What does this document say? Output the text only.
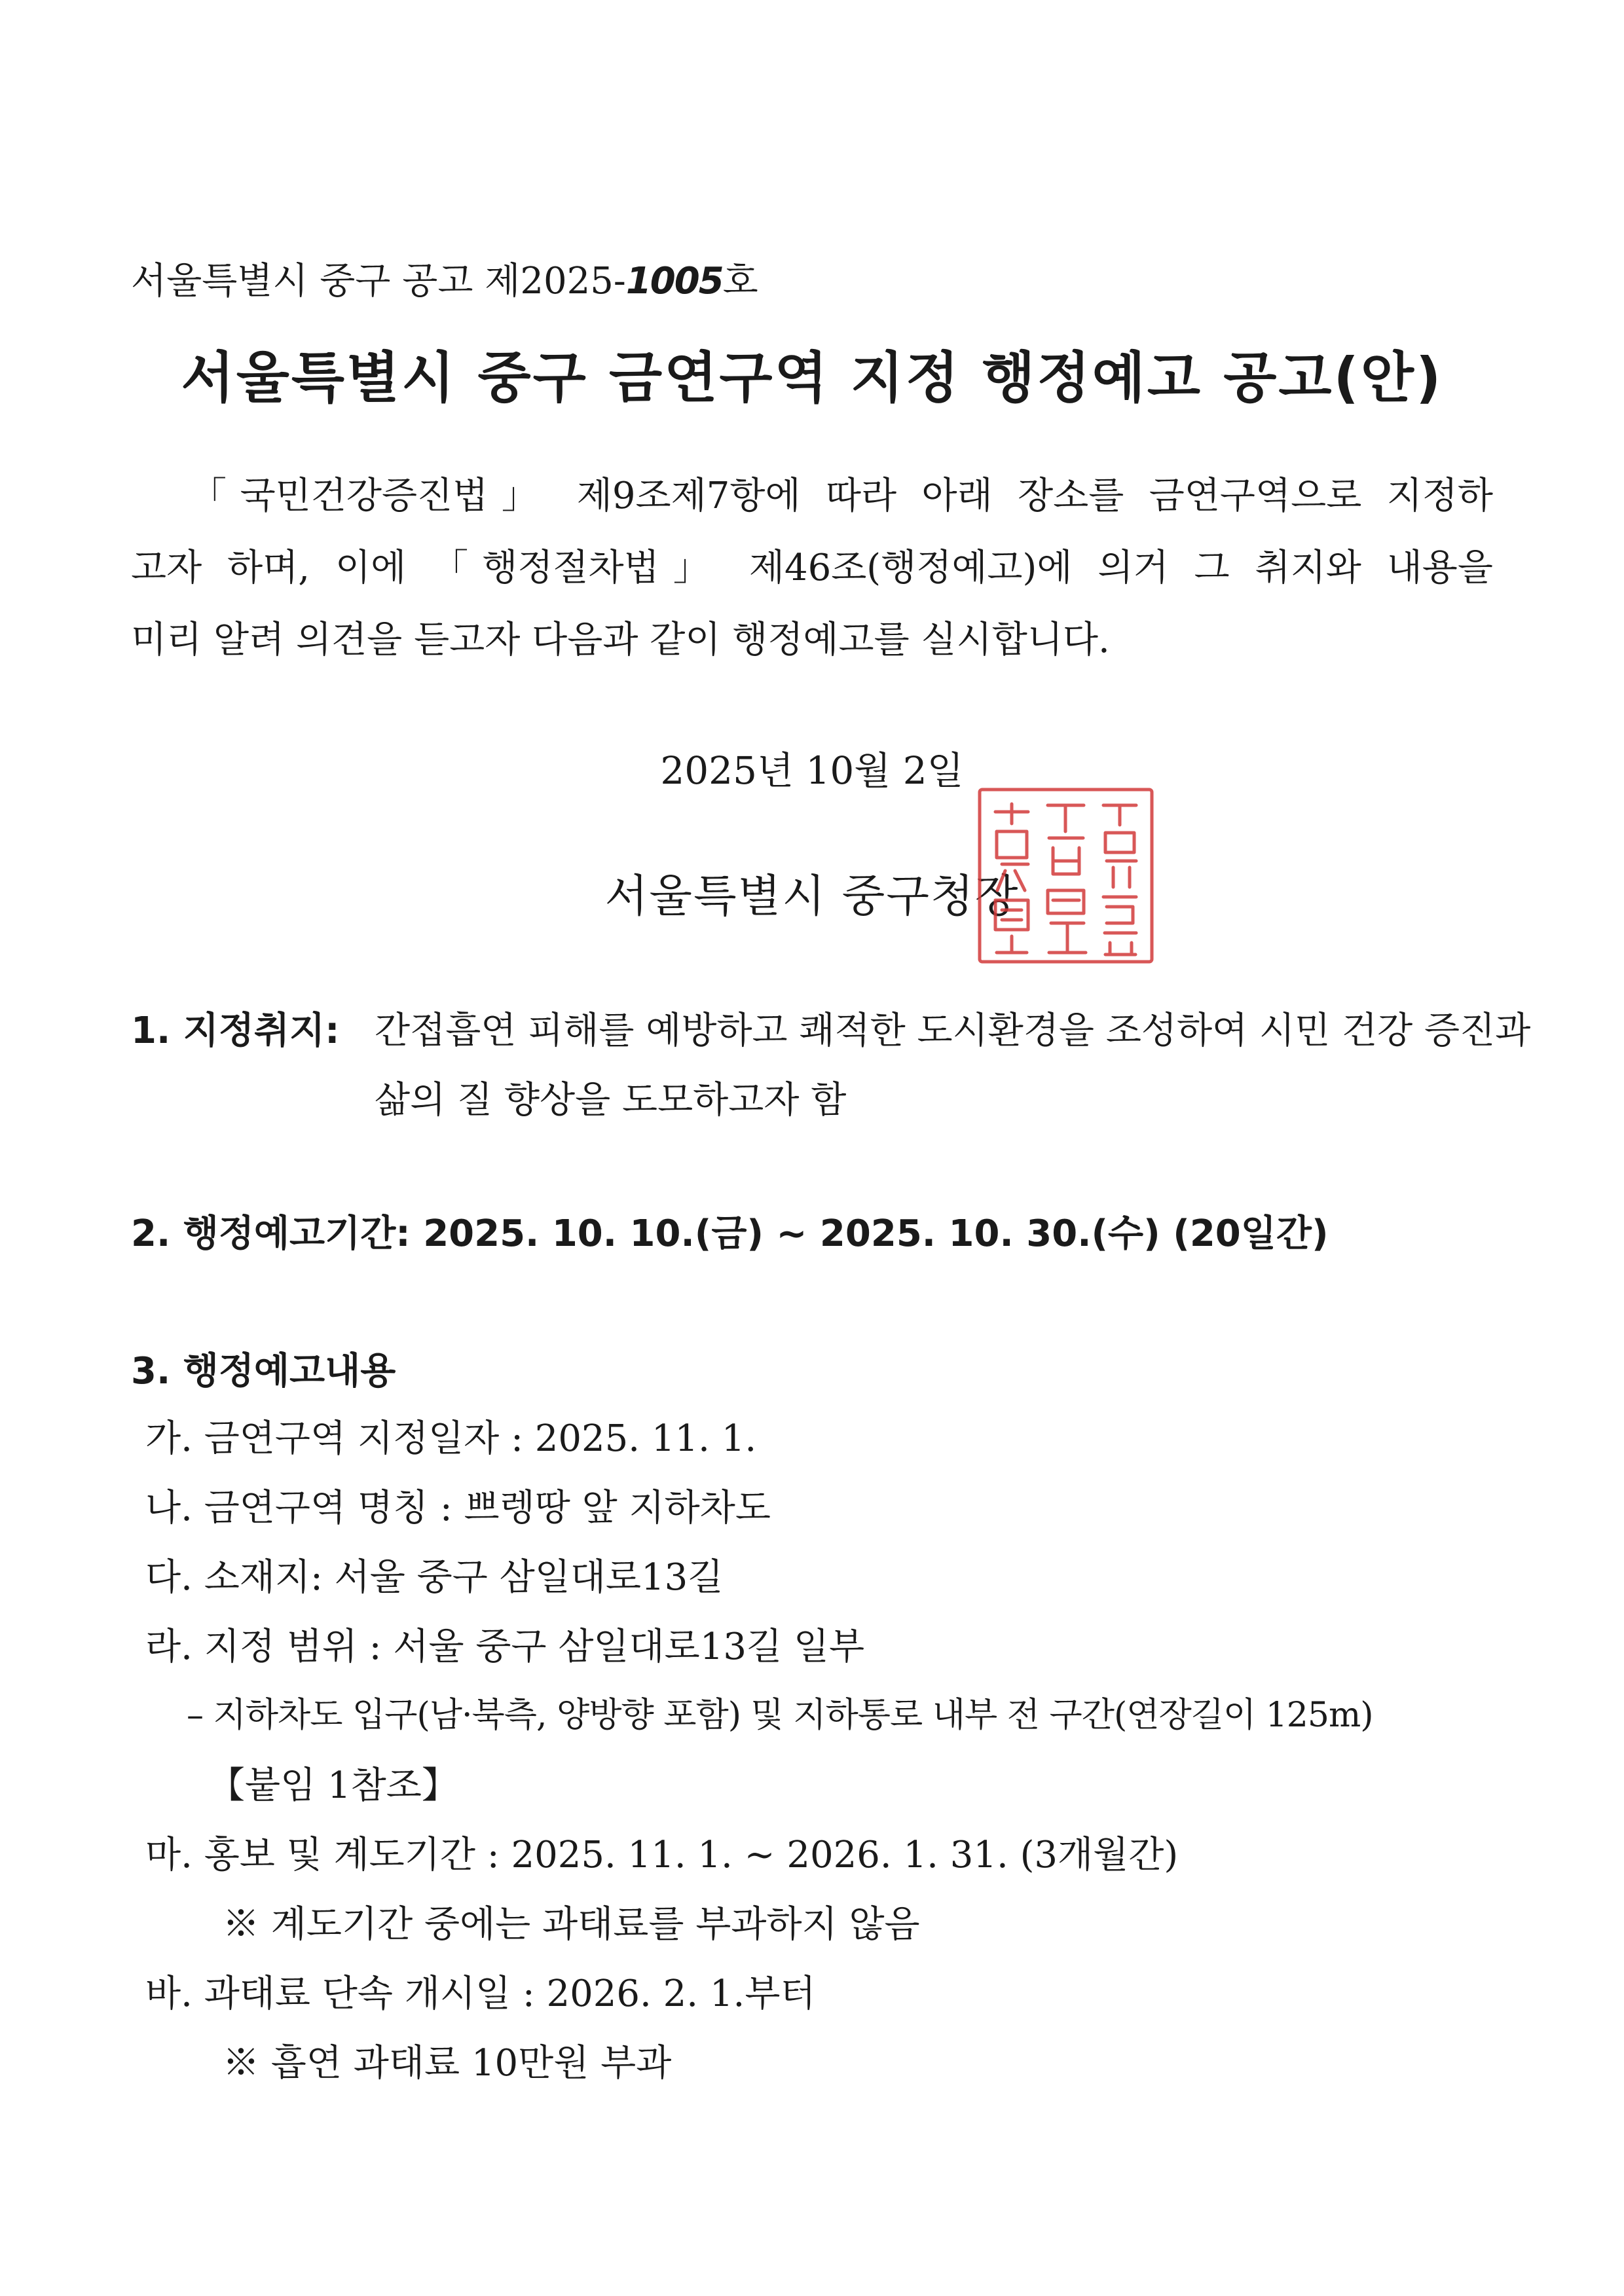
서울특별시 중구 공고 제2025-1005호
서울특별시 중구 금연구역 지정 행정예고 공고(안)

「국민건강증진법」 제9조제7항에 따라 아래 장소를 금연구역으로 지정하

고자 하며, 이에 「행정절차법」 제46조(행정예고)에 의거 그 취지와 내용을

미리 알려 의견을 듣고자 다음과 같이 행정예고를 실시합니다.

2025년 10월 2일
서울특별시 중구청장
1. 지정취지: 간접흡연 피해를 예방하고 쾌적한 도시환경을 조성하여 시민 건강 증진과
삶의 질 향상을 도모하고자 함
2. 행정예고기간: 2025. 10. 10.(금) ~ 2025. 10. 30.(수) (20일간)
3. 행정예고내용
가. 금연구역 지정일자 : 2025. 11. 1.
나. 금연구역 명칭 : 쁘렝땅 앞 지하차도
다. 소재지: 서울 중구 삼일대로13길
라. 지정 범위 : 서울 중구 삼일대로13길 일부
– 지하차도 입구(남·북측, 양방향 포함) 및 지하통로 내부 전 구간(연장길이 125m)
【붙임 1참조】
마. 홍보 및 계도기간 : 2025. 11. 1. ~ 2026. 1. 31. (3개월간)
※ 계도기간 중에는 과태료를 부과하지 않음
바. 과태료 단속 개시일 : 2026. 2. 1.부터
※ 흡연 과태료 10만원 부과
